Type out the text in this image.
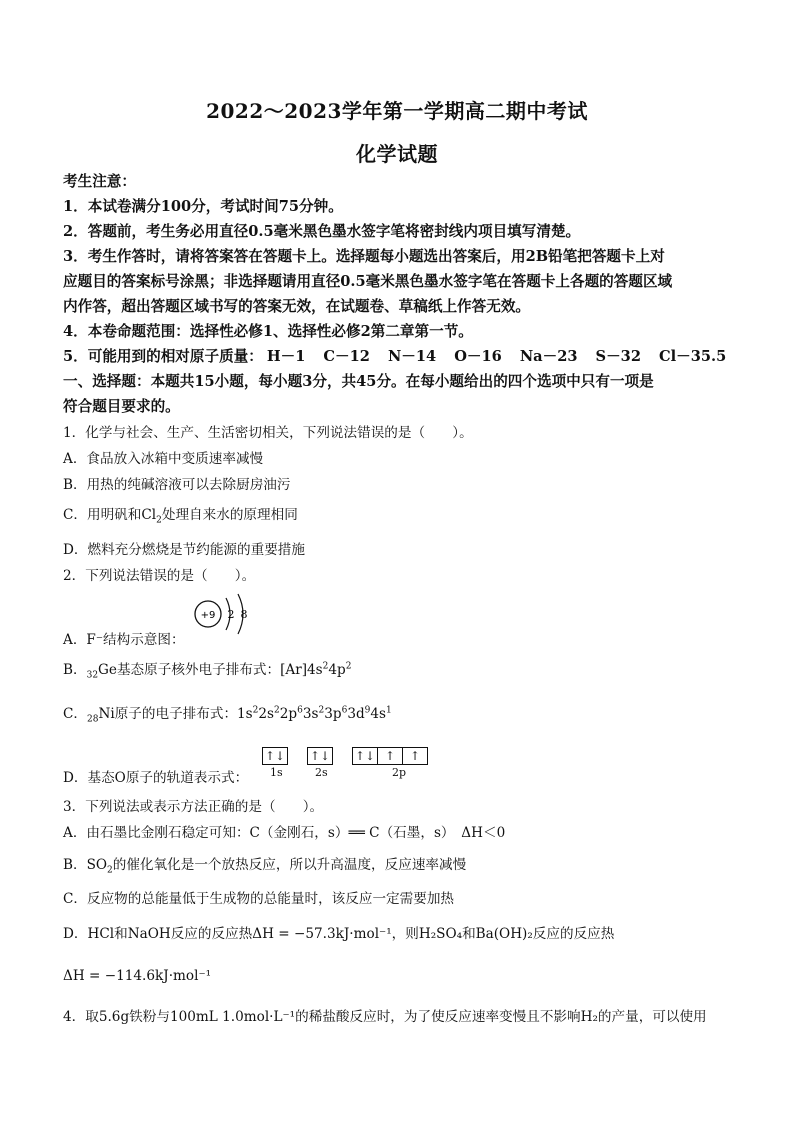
2022～2023学年第一学期高二期中考试
化学试题
考生注意：
1．本试卷满分100分，考试时间75分钟。
2．答题前，考生务必用直径0.5毫米黑色墨水签字笔将密封线内项目填写清楚。
3．考生作答时，请将答案答在答题卡上。选择题每小题选出答案后，用2B铅笔把答题卡上对
应题目的答案标号涂黑；非选择题请用直径0.5毫米黑色墨水签字笔在答题卡上各题的答题区域
内作答，超出答题区域书写的答案无效，在试题卷、草稿纸上作答无效。
4．本卷命题范围：选择性必修1、选择性必修2第二章第一节。
5．可能用到的相对原子质量： H－1 C－12 N－14 O－16 Na－23 S－32 Cl－35.5
一、选择题：本题共15小题，每小题3分，共45分。在每小题给出的四个选项中只有一项是
符合题目要求的。
1．化学与社会、生产、生活密切相关，下列说法错误的是（　　）。
A．食品放入冰箱中变质速率减慢
B．用热的纯碱溶液可以去除厨房油污
C．用明矾和$Cl_2$处理自来水的原理相同
D．燃料充分燃烧是节约能源的重要措施
2．下列说法错误的是（　　）。
A．F⁻结构示意图：
+9 2 8
B．$_{32}$Ge基态原子核外电子排布式：$[Ar]4s^24p^2$
C．$_{28}$Ni原子的电子排布式：$1s^22s^22p^63s^23p^63d^94s^1$
D．基态O原子的轨道表示式：
↑↓ ↑↓ ↑↓ ↑ ↑
1s	2s	2p
3．下列说法或表示方法正确的是（　　）。
A．由石墨比金刚石稳定可知：C（金刚石，s）══ C（石墨，s）　ΔH＜0
B．$SO_2$的催化氧化是一个放热反应，所以升高温度，反应速率减慢
C．反应物的总能量低于生成物的总能量时，该反应一定需要加热
D．HCl和NaOH反应的反应热ΔH = −57.3kJ·mol⁻¹，则H₂SO₄和Ba(OH)₂反应的反应热
ΔH = −114.6kJ·mol⁻¹
4．取5.6g铁粉与100mL 1.0mol·L⁻¹的稀盐酸反应时，为了使反应速率变慢且不影响H₂的产量，可以使用
